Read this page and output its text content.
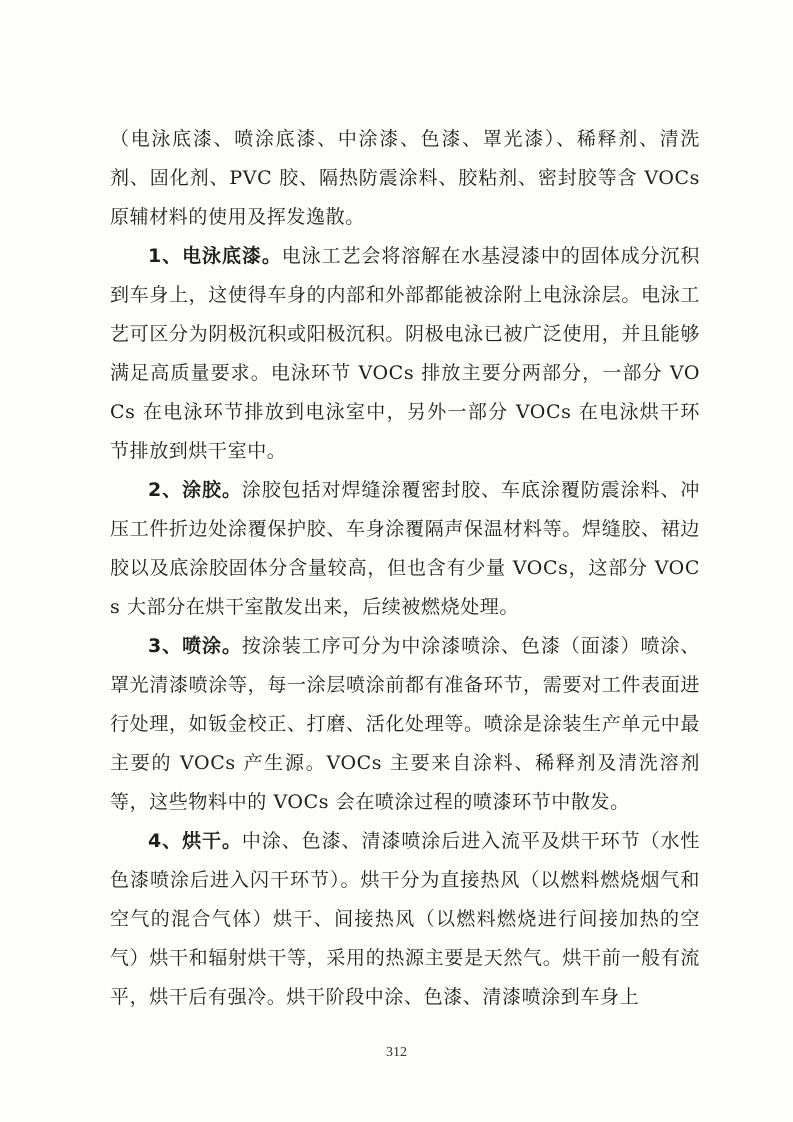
（电泳底漆、喷涂底漆、中涂漆、色漆、罩光漆）、稀释剂、清洗剂、固化剂、PVC 胶、隔热防震涂料、胶粘剂、密封胶等含 VOCs 原辅材料的使用及挥发逸散。

1、电泳底漆。电泳工艺会将溶解在水基浸漆中的固体成分沉积到车身上，这使得车身的内部和外部都能被涂附上电泳涂层。电泳工艺可区分为阴极沉积或阳极沉积。阴极电泳已被广泛使用，并且能够满足高质量要求。电泳环节 VOCs 排放主要分两部分，一部分 VOCs 在电泳环节排放到电泳室中，另外一部分 VOCs 在电泳烘干环节排放到烘干室中。

2、涂胶。涂胶包括对焊缝涂覆密封胶、车底涂覆防震涂料、冲压工件折边处涂覆保护胶、车身涂覆隔声保温材料等。焊缝胶、裙边胶以及底涂胶固体分含量较高，但也含有少量 VOCs，这部分 VOCs 大部分在烘干室散发出来，后续被燃烧处理。

3、喷涂。按涂装工序可分为中涂漆喷涂、色漆（面漆）喷涂、罩光清漆喷涂等，每一涂层喷涂前都有准备环节，需要对工件表面进行处理，如钣金校正、打磨、活化处理等。喷涂是涂装生产单元中最主要的 VOCs 产生源。VOCs 主要来自涂料、稀释剂及清洗溶剂等，这些物料中的 VOCs 会在喷涂过程的喷漆环节中散发。

4、烘干。中涂、色漆、清漆喷涂后进入流平及烘干环节（水性色漆喷涂后进入闪干环节）。烘干分为直接热风（以燃料燃烧烟气和空气的混合气体）烘干、间接热风（以燃料燃烧进行间接加热的空气）烘干和辐射烘干等，采用的热源主要是天然气。烘干前一般有流平，烘干后有强冷。烘干阶段中涂、色漆、清漆喷涂到车身上

312
